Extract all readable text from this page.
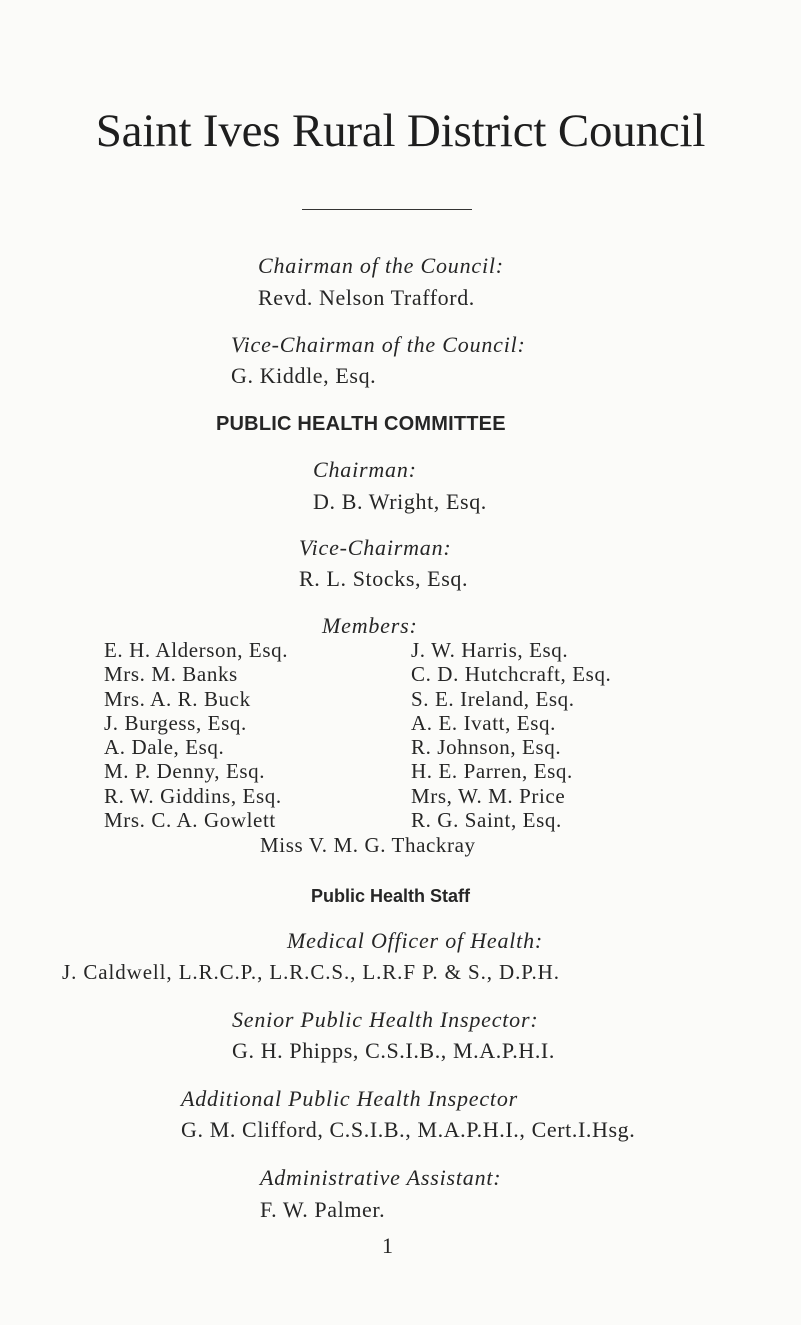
Saint Ives Rural District Council
Chairman of the Council:
Revd. Nelson Trafford.
Vice-Chairman of the Council:
G. Kiddle, Esq.
PUBLIC HEALTH COMMITTEE
Chairman:
D. B. Wright, Esq.
Vice-Chairman:
R. L. Stocks, Esq.
Members:
E. H. Alderson, Esq.
Mrs. M. Banks
Mrs. A. R. Buck
J. Burgess, Esq.
A. Dale, Esq.
M. P. Denny, Esq.
R. W. Giddins, Esq.
Mrs. C. A. Gowlett
J. W. Harris, Esq.
C. D. Hutchcraft, Esq.
S. E. Ireland, Esq.
A. E. Ivatt, Esq.
R. Johnson, Esq.
H. E. Parren, Esq.
Mrs, W. M. Price
R. G. Saint, Esq.
Miss V. M. G. Thackray
Public Health Staff
Medical Officer of Health:
J. Caldwell, L.R.C.P., L.R.C.S., L.R.F P. & S., D.P.H.
Senior Public Health Inspector:
G. H. Phipps, C.S.I.B., M.A.P.H.I.
Additional Public Health Inspector
G. M. Clifford, C.S.I.B., M.A.P.H.I., Cert.I.Hsg.
Administrative Assistant:
F. W. Palmer.
1
